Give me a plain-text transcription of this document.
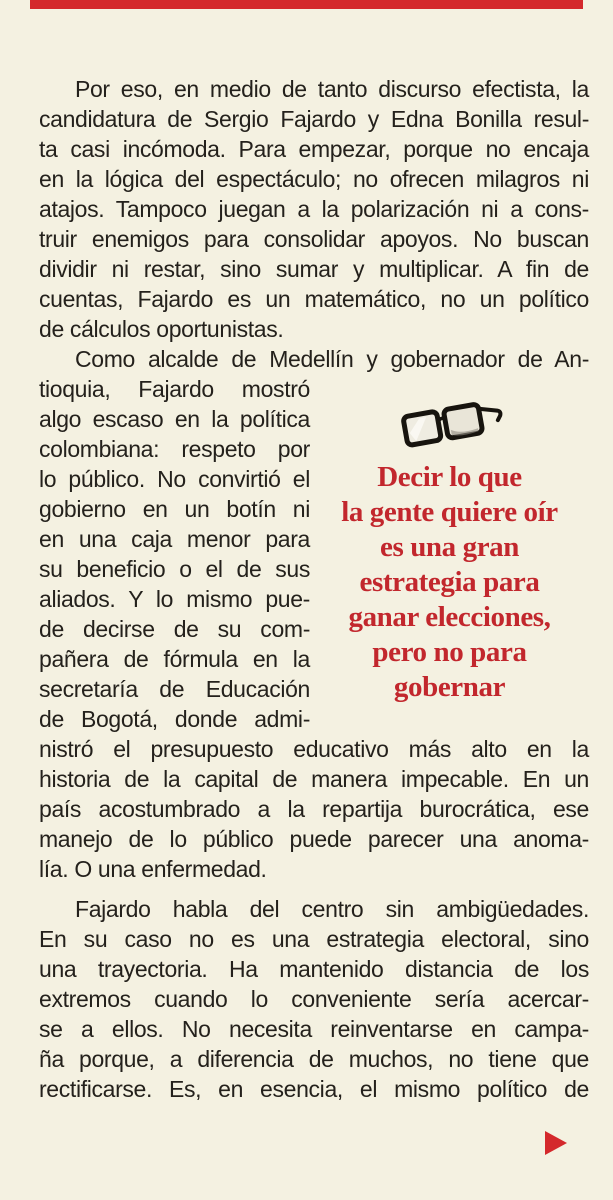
Por eso, en medio de tanto discurso efectista, la
candidatura de Sergio Fajardo y Edna Bonilla resul-
ta casi incómoda. Para empezar, porque no encaja
en la lógica del espectáculo; no ofrecen milagros ni
atajos. Tampoco juegan a la polarización ni a cons-
truir enemigos para consolidar apoyos. No buscan
dividir ni restar, sino sumar y multiplicar. A fin de
cuentas, Fajardo es un matemático, no un político
de cálculos oportunistas.
Como alcalde de Medellín y gobernador de An-
tioquia, Fajardo mostró
algo escaso en la política
colombiana: respeto por
lo público. No convirtió el
gobierno en un botín ni
en una caja menor para
su beneficio o el de sus
aliados. Y lo mismo pue-
de decirse de su com-
pañera de fórmula en la
secretaría de Educación
de Bogotá, donde admi-
Decir lo que
la gente quiere oír
es una gran
estrategia para
ganar elecciones,
pero no para
gobernar
nistró el presupuesto educativo más alto en la
historia de la capital de manera impecable. En un
país acostumbrado a la repartija burocrática, ese
manejo de lo público puede parecer una anoma-
lía. O una enfermedad.
Fajardo habla del centro sin ambigüedades.
En su caso no es una estrategia electoral, sino
una trayectoria. Ha mantenido distancia de los
extremos cuando lo conveniente sería acercar-
se a ellos. No necesita reinventarse en campa-
ña porque, a diferencia de muchos, no tiene que
rectificarse. Es, en esencia, el mismo político de
